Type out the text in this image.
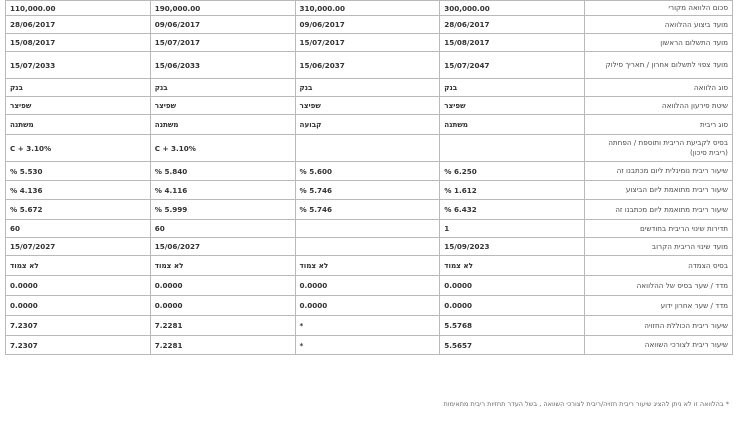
סכום הלוואה מקורי	300,000.00	310,000.00	190,000.00	110,000.00
מועד ביצוע ההלוואה	28/06/2017	09/06/2017	09/06/2017	28/06/2017
מועד התשלום הראשון	15/08/2017	15/07/2017	15/07/2017	15/08/2017
מועד צפוי לתשלום אחרון / תאריך סילוק	15/07/2047	15/06/2037	15/06/2033	15/07/2033
סוג הלוואה	בנק	בנק	בנק	בנק
שיטת פירעון ההלוואה	שפיצר	שפיצר	שפיצר	שפיצר
סוג ריבית	משתנה	קבועה	משתנה	משתנה
בסיס לקביעת הריבית ותוספת / הפחתה (ריבית סיכון)			C + 3.10%	C + 3.10%
שיעור ריבית נומינלית ליום מכתבנו זה	6.250 %	5.600 %	5.840 %	5.530 %
שיעור ריבית מתואמת ליום הביצוע	1.612 %	5.746 %	4.116 %	4.136 %
שיעור ריבית מתואמת ליום מכתבנו זה	6.432 %	5.746 %	5.999 %	5.672 %
תדירות שינוי הריבית בחודשים	1		60	60
מועד שינוי הריבית הקרוב	15/09/2023		15/06/2027	15/07/2027
בסיס הצמדה	לא צמוד	לא צמוד	לא צמוד	לא צמוד
מדד / שער בסיס של ההלוואה	0.0000	0.0000	0.0000	0.0000
מדד / שער אחרון ידוע	0.0000	0.0000	0.0000	0.0000
שיעור ריבית הכוללת החזויה	5.5768	*	7.2281	7.2307
שיעור ריבית לצורכי השוואה	5.5657	*	7.2281	7.2307
* בהלוואה זו לא ניתן להציג שיעור ריבית חזויה/ריבית לצורכי השוואה , בשל העדר תחזיות ריבית מתאימות
